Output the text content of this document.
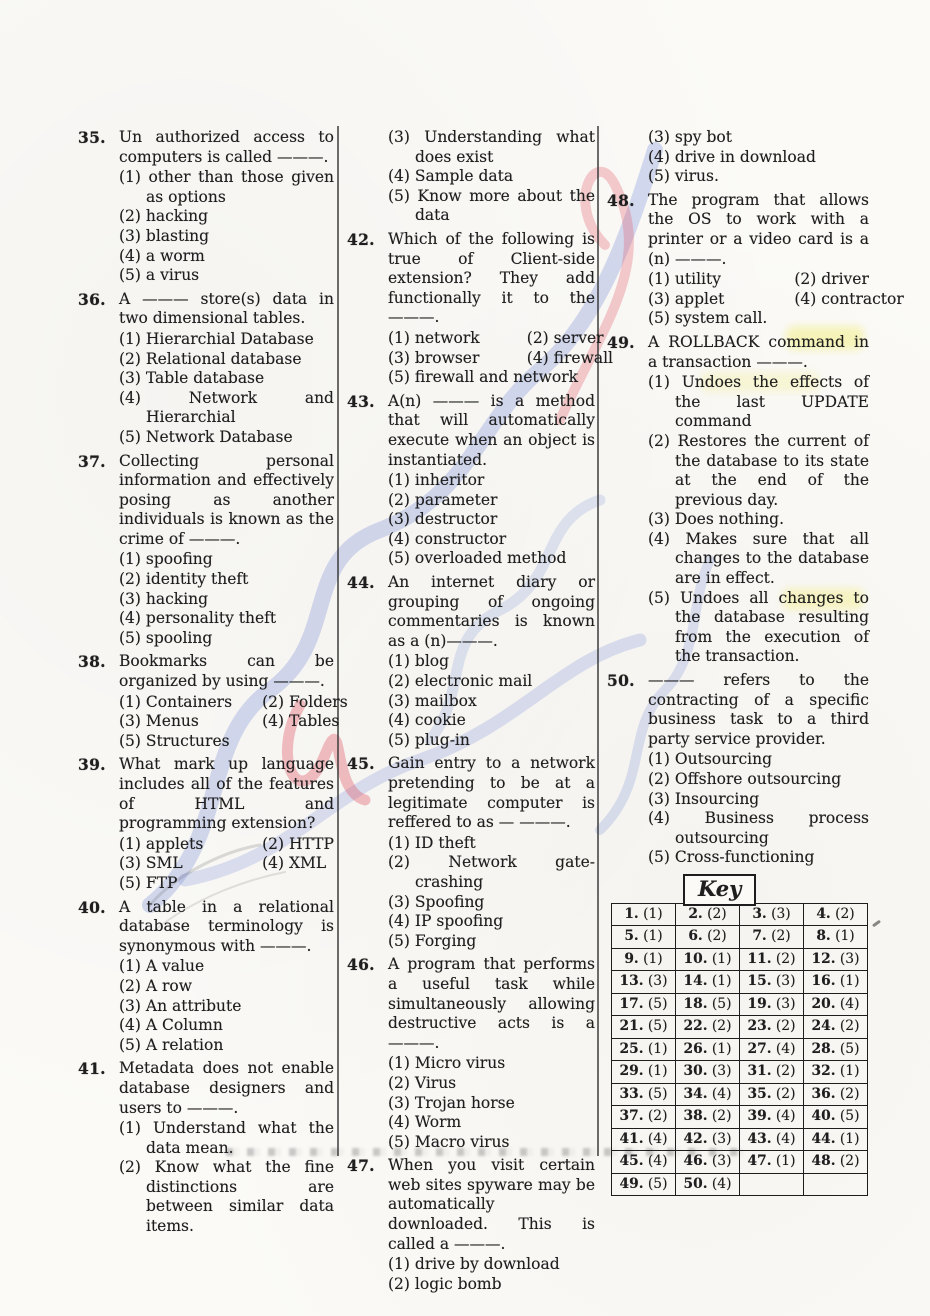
35. Un authorized access to computers is called ———.
(1) other than those given as options
(2) hacking
(3) blasting
(4) a worm
(5) a virus
36. A ——— store(s) data in two dimensional tables.
(1) Hierarchial Database
(2) Relational database
(3) Table database
(4)	Network and Hierarchial
(5) Network Database
37. Collecting personal information and effectively posing as another individuals is known as the crime of ———.
(1) spoofing
(2) identity theft
(3) hacking
(4) personality theft
(5) spooling
38. Bookmarks can be organized by using ———.
(1) Containers	(2) Folders
(3) Menus	(4) Tables
(5) Structures
39. What mark up language includes all of the features of HTML and programming extension?
(1) applets	(2) HTTP
(3) SML	(4) XML
(5) FTP
40. A table in a relational database terminology is synonymous with ———.
(1) A value
(2) A row
(3) An attribute
(4) A Column
(5) A relation
41. Metadata does not enable database designers and users to ———.
(1) Understand what the data mean.
(2) Know what the fine distinctions are between similar data items.
(3) Understanding what does exist
(4) Sample data
(5) Know more about the data
42. Which of the following is true of Client-side extension? They add functionally it to the ———.
(1) network	(2) server
(3) browser	(4) firewall
(5) firewall and network
43. A(n) ——— is a method that will automatically execute when an object is instantiated.
(1) inheritor
(2) parameter
(3) destructor
(4) constructor
(5) overloaded method
44. An internet diary or grouping of ongoing commentaries is known as a (n)———.
(1) blog
(2) electronic mail
(3) mailbox
(4) cookie
(5) plug-in
45. Gain entry to a network pretending to be at a legitimate computer is reffered to as — ———.
(1) ID theft
(2) Network gate-crashing
(3) Spoofing
(4) IP spoofing
(5) Forging
46. A program that performs a useful task while simultaneously allowing destructive acts is a ———.
(1) Micro virus
(2) Virus
(3) Trojan horse
(4) Worm
(5) Macro virus
47. When you visit certain web sites spyware may be automatically downloaded. This is called a ———.
(1) drive by download
(2) logic bomb
(3) spy bot
(4) drive in download
(5) virus.
48. The program that allows the OS to work with a printer or a video card is a (n) ———.
(1) utility	(2) driver
(3) applet	(4) contractor
(5) system call.
49. A ROLLBACK command in a transaction ———.
(1) Undoes the effects of the last UPDATE command
(2) Restores the current of the database to its state at the end of the previous day.
(3) Does nothing.
(4) Makes sure that all changes to the database are in effect.
(5) Undoes all changes to the database resulting from the execution of the transaction.
50. ——— refers to the contracting of a specific business task to a third party service provider.
(1) Outsourcing
(2) Offshore outsourcing
(3) Insourcing
(4) Business process outsourcing
(5) Cross-functioning
Key
1. (1)	2. (2)	3. (3)	4. (2)
5. (1)	6. (2)	7. (2)	8. (1)
9. (1)	10. (1)	11. (2)	12. (3)
13. (3)	14. (1)	15. (3)	16. (1)
17. (5)	18. (5)	19. (3)	20. (4)
21. (5)	22. (2)	23. (2)	24. (2)
25. (1)	26. (1)	27. (4)	28. (5)
29. (1)	30. (3)	31. (2)	32. (1)
33. (5)	34. (4)	35. (2)	36. (2)
37. (2)	38. (2)	39. (4)	40. (5)
41. (4)	42. (3)	43. (4)	44. (1)
45. (4)	46. (3)	47. (1)	48. (2)
49. (5)	50. (4)		
